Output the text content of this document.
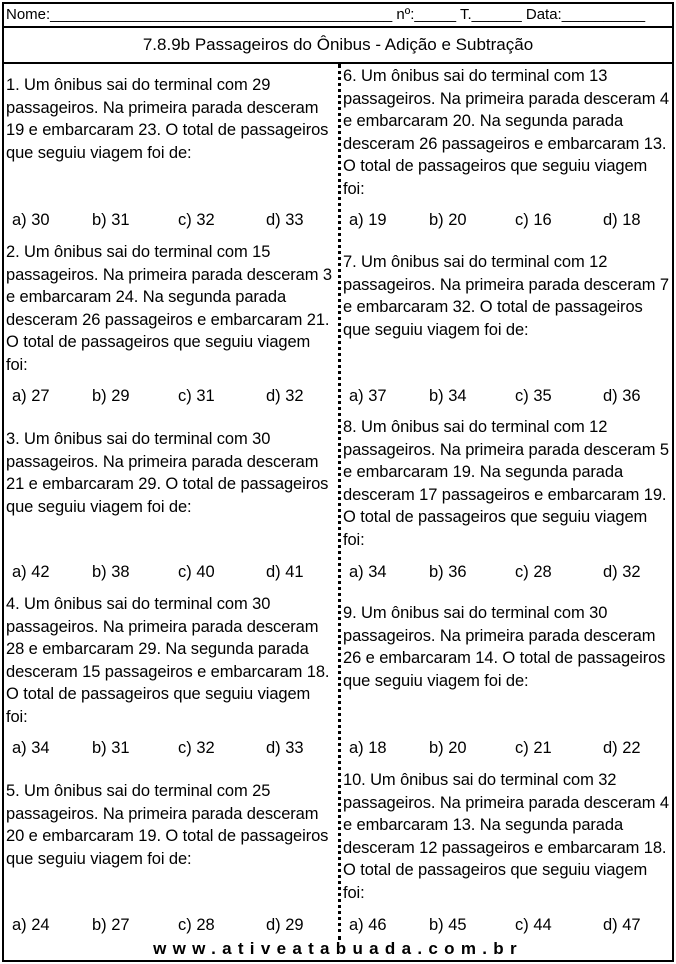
Nome:_________________________________________ nº:_____ T.______ Data:__________
7.8.9b Passageiros do Ônibus - Adição e Subtração
1. Um ônibus sai do terminal com 29 passageiros. Na primeira parada desceram 19 e embarcaram 23. O total de passageiros que seguiu viagem foi de:
a) 30	b) 31	c) 32	d) 33
2. Um ônibus sai do terminal com 15 passageiros. Na primeira parada desceram 3 e embarcaram 24. Na segunda parada desceram 26 passageiros e embarcaram 21. O total de passageiros que seguiu viagem foi:
a) 27	b) 29	c) 31	d) 32
3. Um ônibus sai do terminal com 30 passageiros. Na primeira parada desceram 21 e embarcaram 29. O total de passageiros que seguiu viagem foi de:
a) 42	b) 38	c) 40	d) 41
4. Um ônibus sai do terminal com 30 passageiros. Na primeira parada desceram 28 e embarcaram 29. Na segunda parada desceram 15 passageiros e embarcaram 18. O total de passageiros que seguiu viagem foi:
a) 34	b) 31	c) 32	d) 33
5. Um ônibus sai do terminal com 25 passageiros. Na primeira parada desceram 20 e embarcaram 19. O total de passageiros que seguiu viagem foi de:
a) 24	b) 27	c) 28	d) 29
6. Um ônibus sai do terminal com 13 passageiros. Na primeira parada desceram 4 e embarcaram 20. Na segunda parada desceram 26 passageiros e embarcaram 13. O total de passageiros que seguiu viagem foi:
a) 19	b) 20	c) 16	d) 18
7. Um ônibus sai do terminal com 12 passageiros. Na primeira parada desceram 7 e embarcaram 32. O total de passageiros que seguiu viagem foi de:
a) 37	b) 34	c) 35	d) 36
8. Um ônibus sai do terminal com 12 passageiros. Na primeira parada desceram 5 e embarcaram 19. Na segunda parada desceram 17 passageiros e embarcaram 19. O total de passageiros que seguiu viagem foi:
a) 34	b) 36	c) 28	d) 32
9. Um ônibus sai do terminal com 30 passageiros. Na primeira parada desceram 26 e embarcaram 14. O total de passageiros que seguiu viagem foi de:
a) 18	b) 20	c) 21	d) 22
10. Um ônibus sai do terminal com 32 passageiros. Na primeira parada desceram 4 e embarcaram 13. Na segunda parada desceram 12 passageiros e embarcaram 18. O total de passageiros que seguiu viagem foi:
a) 46	b) 45	c) 44	d) 47
www.ativeatabuada.com.br
